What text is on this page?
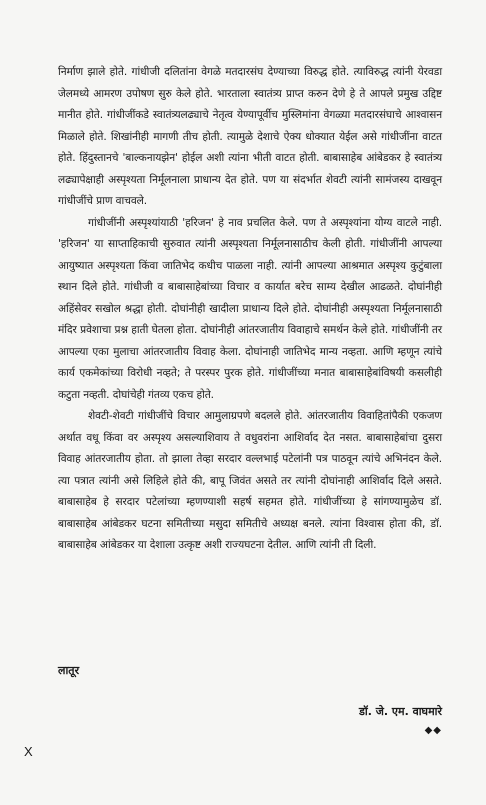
निर्माण झाले होते. गांधीजी दलितांना वेगळे मतदारसंघ देण्याच्या विरुद्ध होते. त्याविरुद्ध त्यांनी येरवडा जेलमध्ये आमरण उपोषण सुरु केले होते. भारताला स्वातंत्र्य प्राप्त करुन देणे हे ते आपले प्रमुख उद्दिष्ट मानीत होते. गांधीजींकडे स्वातंत्र्यलढ्याचे नेतृत्व येण्यापूर्वीच मुस्लिमांना वेगळ्या मतदारसंघाचे आश्वासन मिळाले होते. शिखांनीही मागणी तीच होती. त्यामुळे देशाचे ऐक्य धोक्यात येईल असे गांधीजींना वाटत होते. हिंदुस्तानचे 'बाल्कनायझेन' होईल अशी त्यांना भीती वाटत होती. बाबासाहेब आंबेडकर हे स्वातंत्र्य लढ्यापेक्षाही अस्पृश्यता निर्मूलनाला प्राधान्य देत होते. पण या संदर्भात शेवटी त्यांनी सामंजस्य दाखवून गांधीजींचे प्राण वाचवले.

गांधीजींनी अस्पृश्यांयाठी 'हरिजन' हे नाव प्रचलित केले. पण ते अस्पृश्यांना योग्य वाटले नाही. 'हरिजन' या साप्ताहिकाची सुरुवात त्यांनी अस्पृश्यता निर्मूलनासाठीच केली होती. गांधीजींनी आपल्या आयुष्यात अस्पृश्यता किंवा जातिभेद कधीच पाळला नाही. त्यांनी आपल्या आश्रमात अस्पृश्य कुटुंबाला स्थान दिले होते. गांधीजी व बाबासाहेबांच्या विचार व कार्यात बरेच साम्य देखील आढळते. दोघांनीही अहिंसेवर सखोल श्रद्धा होती. दोघांनीही खादीला प्राधान्य दिले होते. दोघांनीही अस्पृश्यता निर्मूलनासाठी मंदिर प्रवेशाचा प्रश्न हाती घेतला होता. दोघांनीही आंतरजातीय विवाहाचे समर्थन केले होते. गांधीजींनी तर आपल्या एका मुलाचा आंतरजातीय विवाह केला. दोघांनाही जातिभेद मान्य नव्हता. आणि म्हणून त्यांचे कार्य एकमेकांच्या विरोधी नव्हते; ते परस्पर पुरक होते. गांधीजींच्या मनात बाबासाहेबांविषयी कसलीही कटुता नव्हती. दोघांचेही गंतव्य एकच होते.

शेवटी-शेवटी गांधीजींचे विचार आमुलाग्रपणे बदलले होते. आंतरजातीय विवाहितांपैकी एकजण अर्थात वधू किंवा वर अस्पृश्य असल्याशिवाय ते वधुवरांना आशिर्वाद देत नसत. बाबासाहेबांचा दुसरा विवाह आंतरजातीय होता. तो झाला तेव्हा सरदार वल्लभाई पटेलांनी पत्र पाठवून त्यांचे अभिनंदन केले. त्या पत्रात त्यांनी असे लिहिले होते की, बापू जिवंत असते तर त्यांनी दोघांनाही आशिर्वाद दिले असते. बाबासाहेब हे सरदार पटेलांच्या म्हणण्याशी सहर्ष सहमत होते. गांधीजींच्या हे सांगण्यामुळेच डॉ. बाबासाहेब आंबेडकर घटना समितीच्या मसुदा समितीचे अध्यक्ष बनले. त्यांना विश्वास होता की, डॉ. बाबासाहेब आंबेडकर या देशाला उत्कृष्ट अशी राज्यघटना देतील. आणि त्यांनी ती दिली.

लातूर
डॉ. जे. एम. वाघमारे
◆◆
X
